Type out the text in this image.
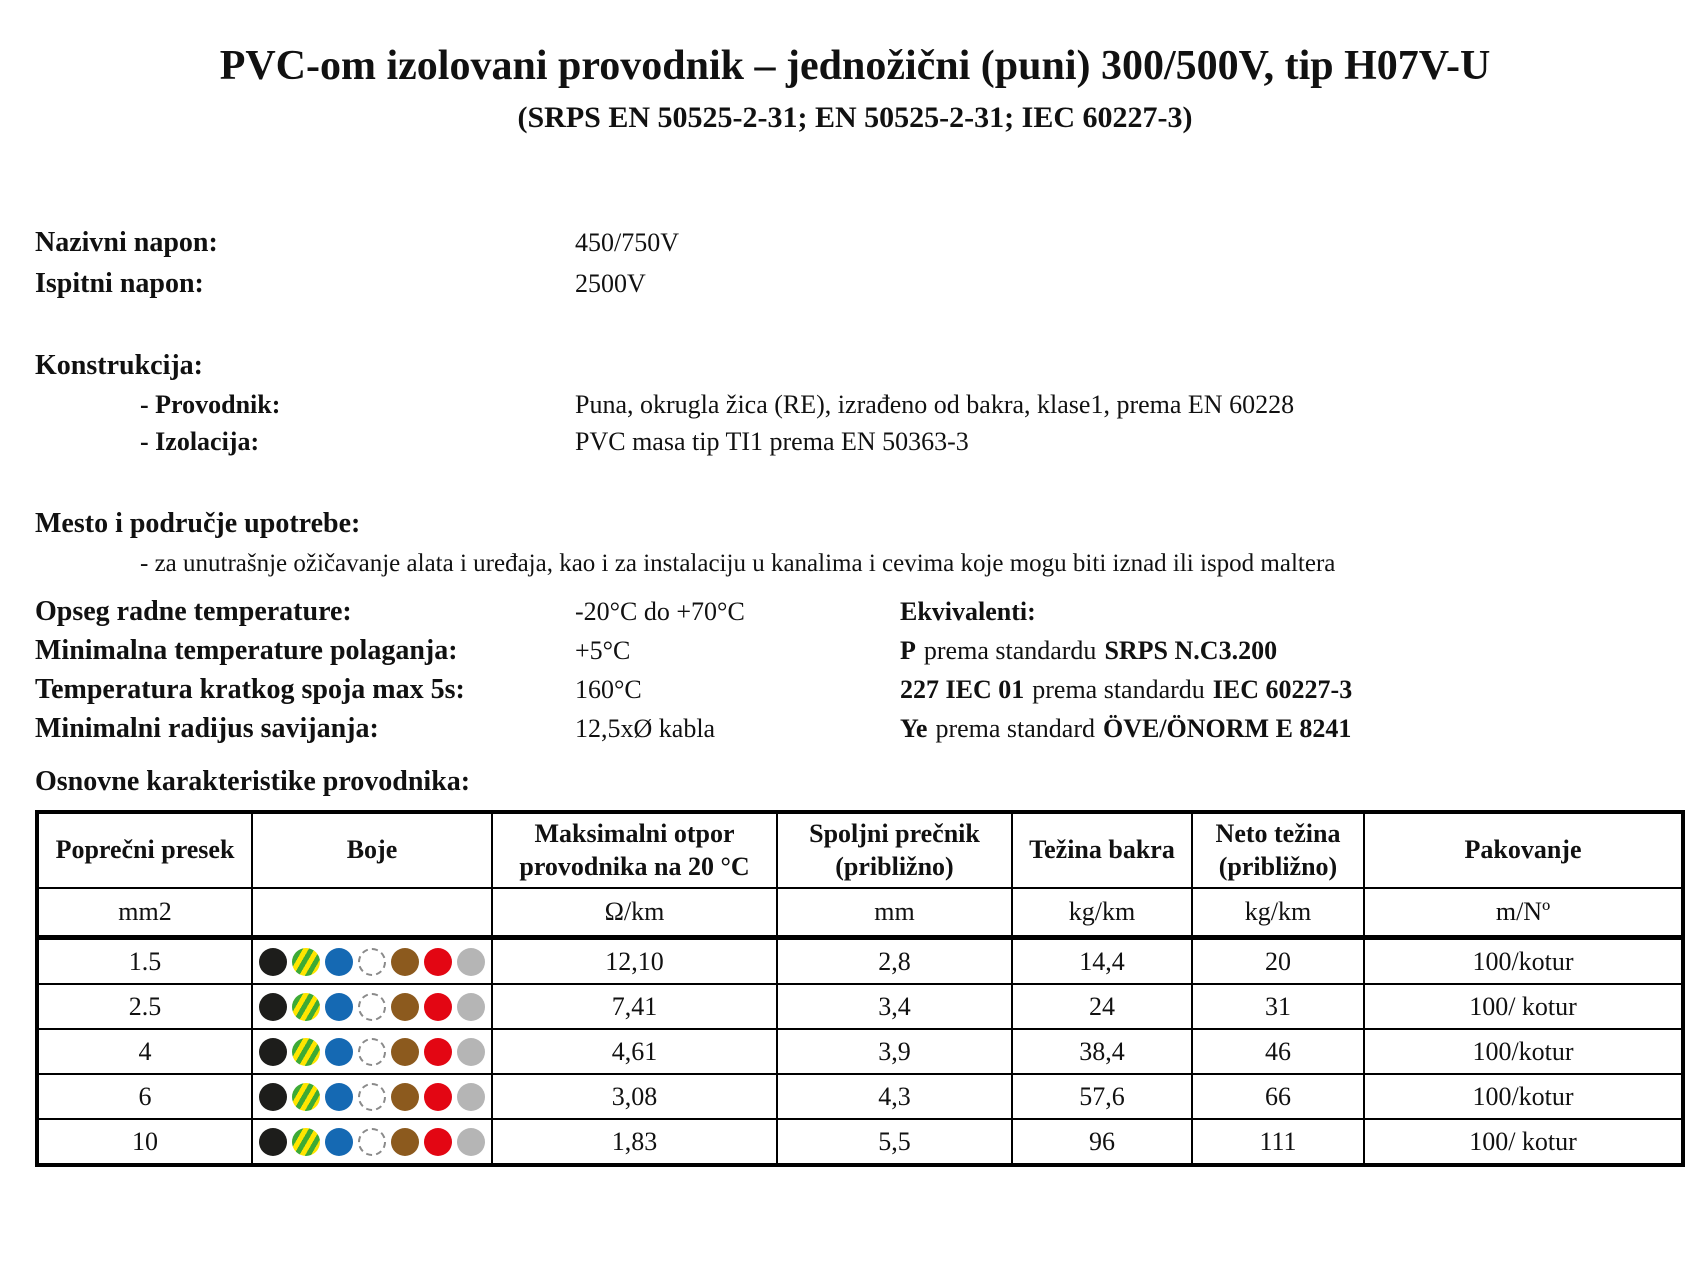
PVC-om izolovani provodnik – jednožični (puni) 300/500V, tip H07V-U
(SRPS EN 50525-2-31; EN 50525-2-31; IEC 60227-3)
Nazivni napon:	450/750V
Ispitni napon:	2500V
Konstrukcija:
- Provodnik:	Puna, okrugla žica (RE), izrađeno od bakra, klase1, prema EN 60228
- Izolacija:	PVC masa tip TI1 prema EN 50363-3
Mesto i područje upotrebe:
- za unutrašnje ožičavanje alata i uređaja, kao i za instalaciju u kanalima i cevima koje mogu biti iznad ili ispod maltera
Opseg radne temperature:	-20°C do +70°C	Ekvivalenti:
Minimalna temperature polaganja:	+5°C	P prema standardu SRPS N.C3.200
Temperatura kratkog spoja max 5s:	160°C	227 IEC 01 prema standardu IEC 60227-3
Minimalni radijus savijanja:	12,5xØ kabla	Ye prema standard ÖVE/ÖNORM E 8241
Osnovne karakteristike provodnika:
Poprečni presek	Boje	Maksimalni otpor provodnika na 20 °C	Spoljni prečnik (približno)	Težina bakra	Neto težina (približno)	Pakovanje
mm2		Ω/km	mm	kg/km	kg/km	m/Nº
1.5		12,10	2,8	14,4	20	100/kotur
2.5		7,41	3,4	24	31	100/ kotur
4		4,61	3,9	38,4	46	100/kotur
6		3,08	4,3	57,6	66	100/kotur
10		1,83	5,5	96	111	100/ kotur
